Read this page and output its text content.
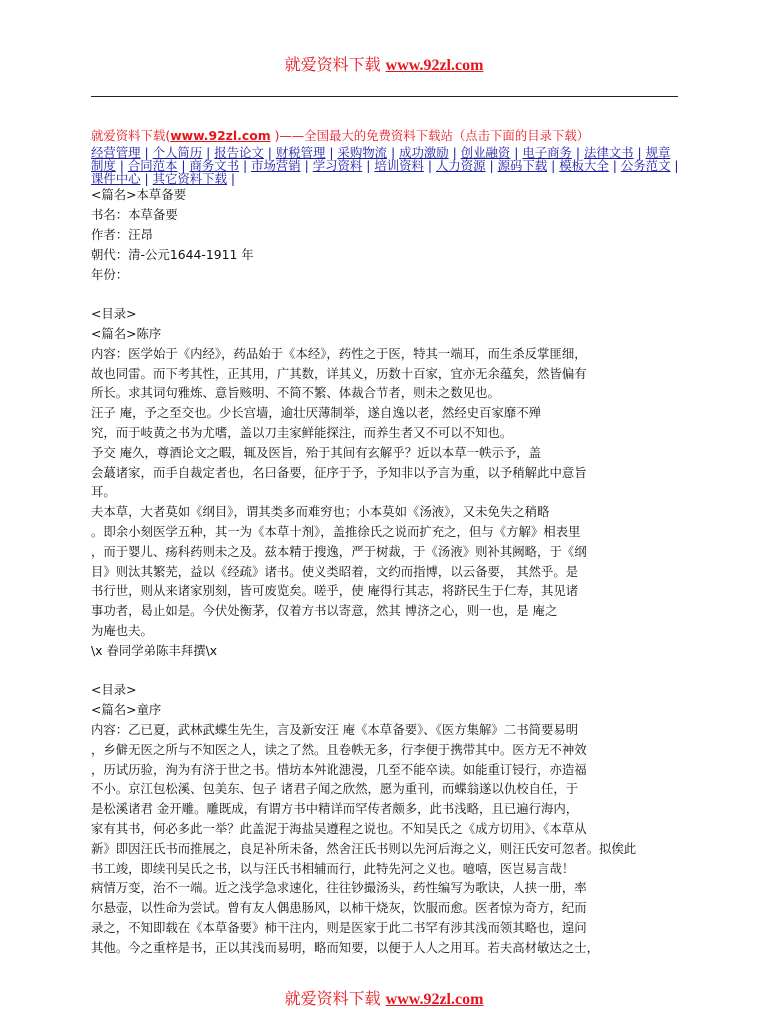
就爱资料下载 www.92zl.com
就爱资料下载(www.92zl.com )——全国最大的免费资料下载站（点击下面的目录下载）
经营管理 | 个人简历 | 报告论文 | 财税管理 | 采购物流 | 成功激励 | 创业融资 | 电子商务 | 法律文书 | 规章制度 | 合同范本 | 商务文书 | 市场营销 | 学习资料 | 培训资料 | 人力资源 | 源码下载 | 模板大全 | 公务范文 | 课件中心 | 其它资料下载 |
<篇名>本草备要
书名：本草备要
作者：汪昂
朝代：清-公元1644-1911 年
年份：
<目录>
<篇名>陈序
内容：医学始于《内经》，药品始于《本经》，药性之于医，特其一端耳，而生杀反掌匪细，
故也同雷。而下考其性，正其用，广其数，详其义，历数十百家，宜亦无余蕴矣，然皆偏有
所长。求其词句雅炼、意旨赅明、不简不繁、体裁合节者，则未之数见也。
汪子 庵，予之至交也。少长宫墙，逾壮厌薄制举，遂自逸以老，然经史百家靡不殚
究，而于岐黄之书为尤嗜，盖以刀圭家鲜能探注，而养生者又不可以不知也。
予交 庵久，尊酒论文之暇，辄及医旨，殆于其间有玄解乎？近以本草一帙示予，盖
会蕞诸家，而手自裁定者也，名曰备要，征序于予，予知非以予言为重，以予稍解此中意旨
耳。
夫本草，大者莫如《纲目》，谓其类多而难穷也；小本莫如《汤液》，又未免失之稍略
。即余小刻医学五种，其一为《本草十剂》，盖推徐氏之说而扩充之，但与《方解》相表里
，而于婴儿、疡科药则未之及。兹本精于搜逸，严于树裁，于《汤液》则补其阙略，于《纲
目》则汰其繁芜，益以《经疏》诸书。使义类昭着，文约而指博，以云备要， 其然乎。是
书行世，则从来诸家别刻，皆可废览矣。嗟乎，使 庵得行其志，将跻民生于仁寿，其见诸
事功者，曷止如是。今伏处衡茅，仅着方书以寄意，然其 博济之心，则一也，是 庵之
为庵也夫。
\x 眷同学弟陈丰拜撰\x
<目录>
<篇名>童序
内容：乙已夏，武林武蝶生先生，言及新安汪 庵《本草备要》、《医方集解》二书简要易明
，乡僻无医之所与不知医之人，读之了然。且卷帙无多，行李便于携带其中。医方无不神效
，历试历验，洵为有济于世之书。惜坊本舛讹漶漫，几至不能卒读。如能重订锓行，亦造福
不小。京江包松溪、包美东、包子 诸君子闻之欣然，愿为重刊，而蝶翁遂以仇校自任，于
是松溪诸君 金开雕。雕既成，有谓方书中精详而罕传者颇多，此书浅略，且已遍行海内，
家有其书，何必多此一举？此盖泥于海盐吴遵程之说也。不知吴氏之《成方切用》、《本草从
新》即因汪氏书而推展之，良足补所未备，然舍汪氏书则以先河后海之义，则汪氏安可忽者。拟俟此
书工竣，即续刊吴氏之书，以与汪氏书相辅而行，此特先河之义也。噫嘻，医岂易言哉！
病情万变，治不一端。近之浅学急求速化，往往钞撮汤头，药性编写为歌诀，人挟一册，率
尔悬壶，以性命为尝试。曾有友人偶患肠风，以柿干烧灰，饮服而愈。医者惊为奇方，纪而
录之，不知即载在《本草备要》柿干注内，则是医家于此二书罕有涉其浅而领其略也，遑问
其他。今之重梓是书，正以其浅而易明，略而知要，以便于人人之用耳。若夫高材敏达之士，
就爱资料下载 www.92zl.com
